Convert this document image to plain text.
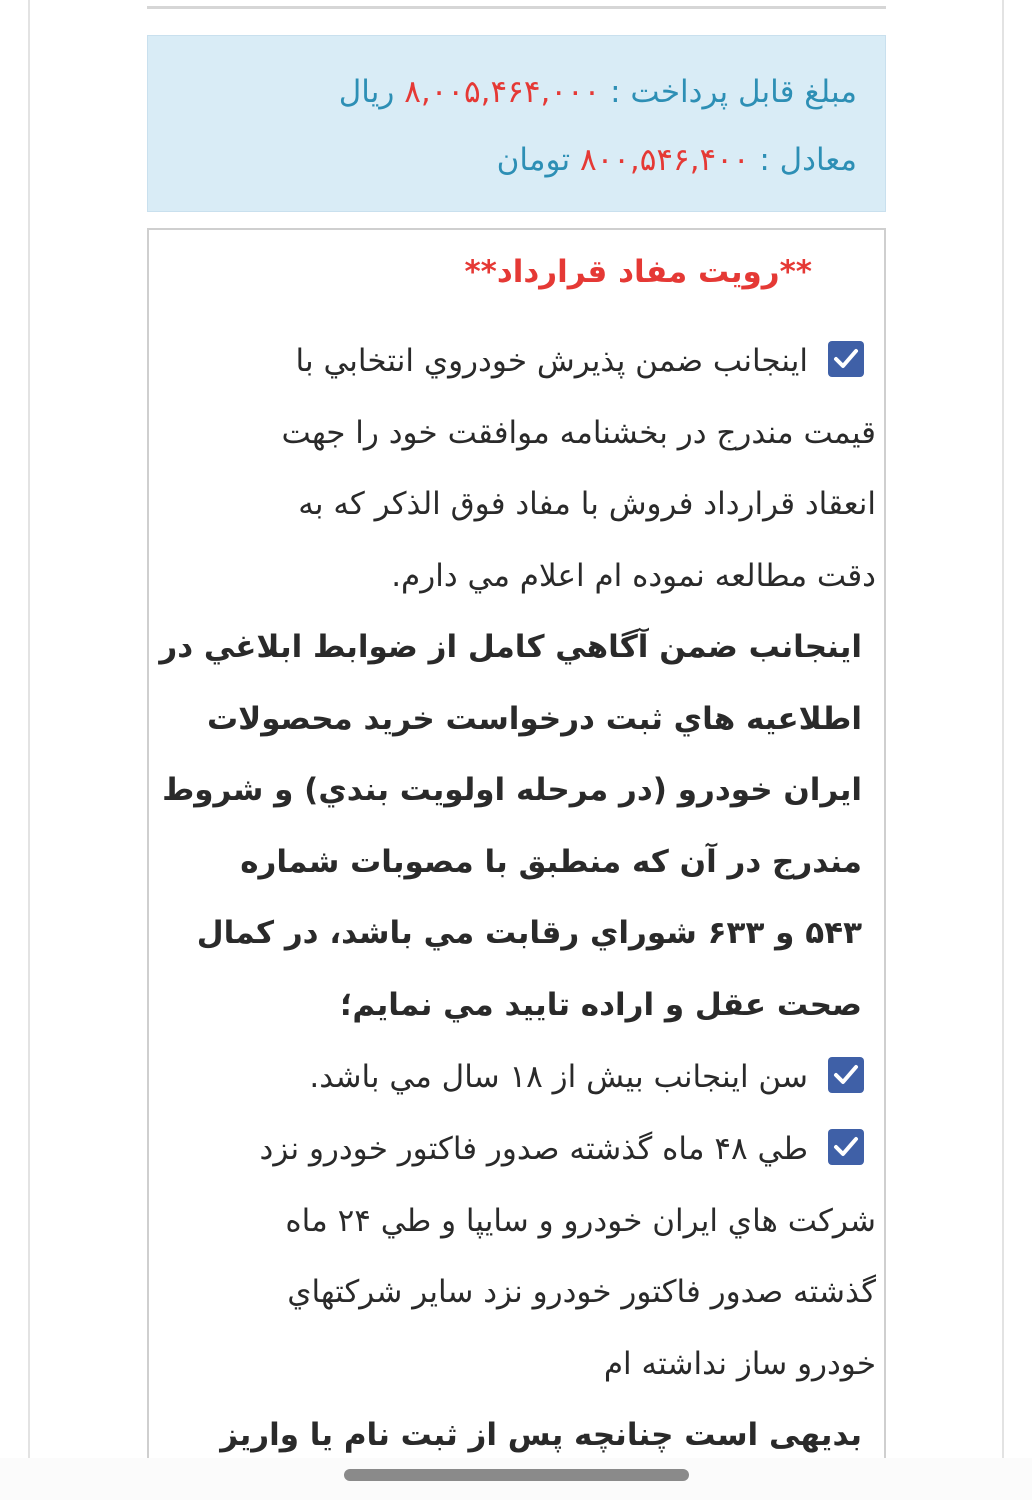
مبلغ قابل پرداخت : ۸,۰۰۵,۴۶۴,۰۰۰ ریال
معادل : ۸۰۰,۵۴۶,۴۰۰ تومان
**رویت مفاد قرارداد**
اينجانب ضمن پذيرش خودروي انتخابي با
قيمت مندرج در بخشنامه موافقت خود را جهت
انعقاد قرارداد فروش با مفاد فوق الذکر که به
دقت مطالعه نموده ام اعلام مي دارم.
اينجانب ضمن آگاهي کامل از ضوابط ابلاغي در
اطلاعيه هاي ثبت درخواست خريد محصولات
ايران خودرو (در مرحله اولويت بندي) و شروط
مندرج در آن که منطبق با مصوبات شماره
۵۴۳ و ۶۳۳ شوراي رقابت مي باشد، در کمال
صحت عقل و اراده تاييد مي نمايم؛
سن اينجانب بيش از ۱۸ سال مي باشد.
طي ۴۸ ماه گذشته صدور فاکتور خودرو نزد
شرکت هاي ايران خودرو و سايپا و طي ۲۴ ماه
گذشته صدور فاکتور خودرو نزد ساير شرکتهاي
خودرو ساز نداشته ام
بديهی است چنانچه پس از ثبت نام يا واريز
